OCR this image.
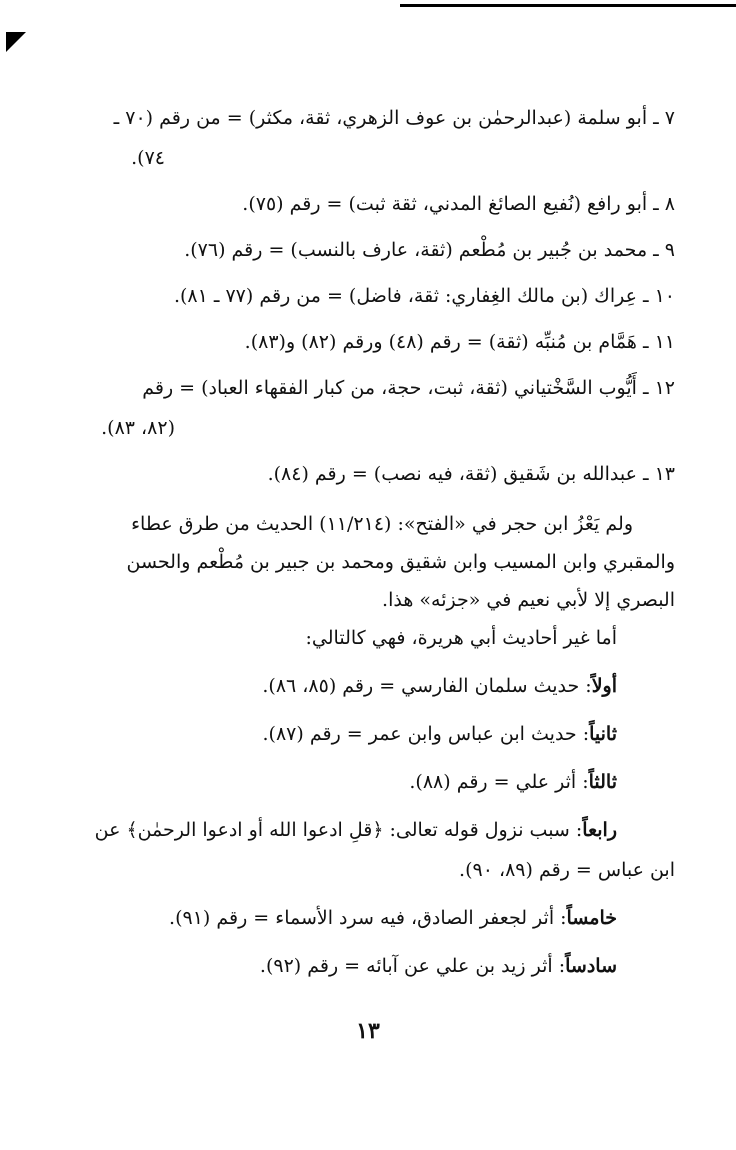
٧ ـ أبو سلمة (عبدالرحمٰن بن عوف الزهري، ثقة، مكثر) = من رقم (٧٠ ـ
٧٤).
٨ ـ أبو رافع (نُفيع الصائغ المدني، ثقة ثبت) = رقم (٧٥).
٩ ـ محمد بن جُبير بن مُطْعم (ثقة، عارف بالنسب) = رقم (٧٦).
١٠ ـ عِراك (بن مالك الغِفاري: ثقة، فاضل) = من رقم (٧٧ ـ ٨١).
١١ ـ هَمَّام بن مُنبِّه (ثقة) = رقم (٤٨) ورقم (٨٢) و(٨٣).
١٢ ـ أَيُّوب السَّخْتياني (ثقة، ثبت، حجة، من كبار الفقهاء العباد) = رقم
(٨٢، ٨٣).
١٣ ـ عبدالله بن شَقيق (ثقة، فيه نصب) = رقم (٨٤).
ولم يَعْزُ ابن حجر في «الفتح»: (١١/٢١٤) الحديث من طرق عطاء
والمقبري وابن المسيب وابن شقيق ومحمد بن جبير بن مُطْعم والحسن
البصري إلا لأبي نعيم في «جزئه» هذا.
أما غير أحاديث أبي هريرة، فهي كالتالي:
أولاً: حديث سلمان الفارسي = رقم (٨٥، ٨٦).
ثانياً: حديث ابن عباس وابن عمر = رقم (٨٧).
ثالثاً: أثر علي = رقم (٨٨).
رابعاً: سبب نزول قوله تعالى: ﴿قلِ ادعوا الله أو ادعوا الرحمٰن﴾ عن
ابن عباس = رقم (٨٩، ٩٠).
خامساً: أثر لجعفر الصادق، فيه سرد الأسماء = رقم (٩١).
سادساً: أثر زيد بن علي عن آبائه = رقم (٩٢).
١٣
